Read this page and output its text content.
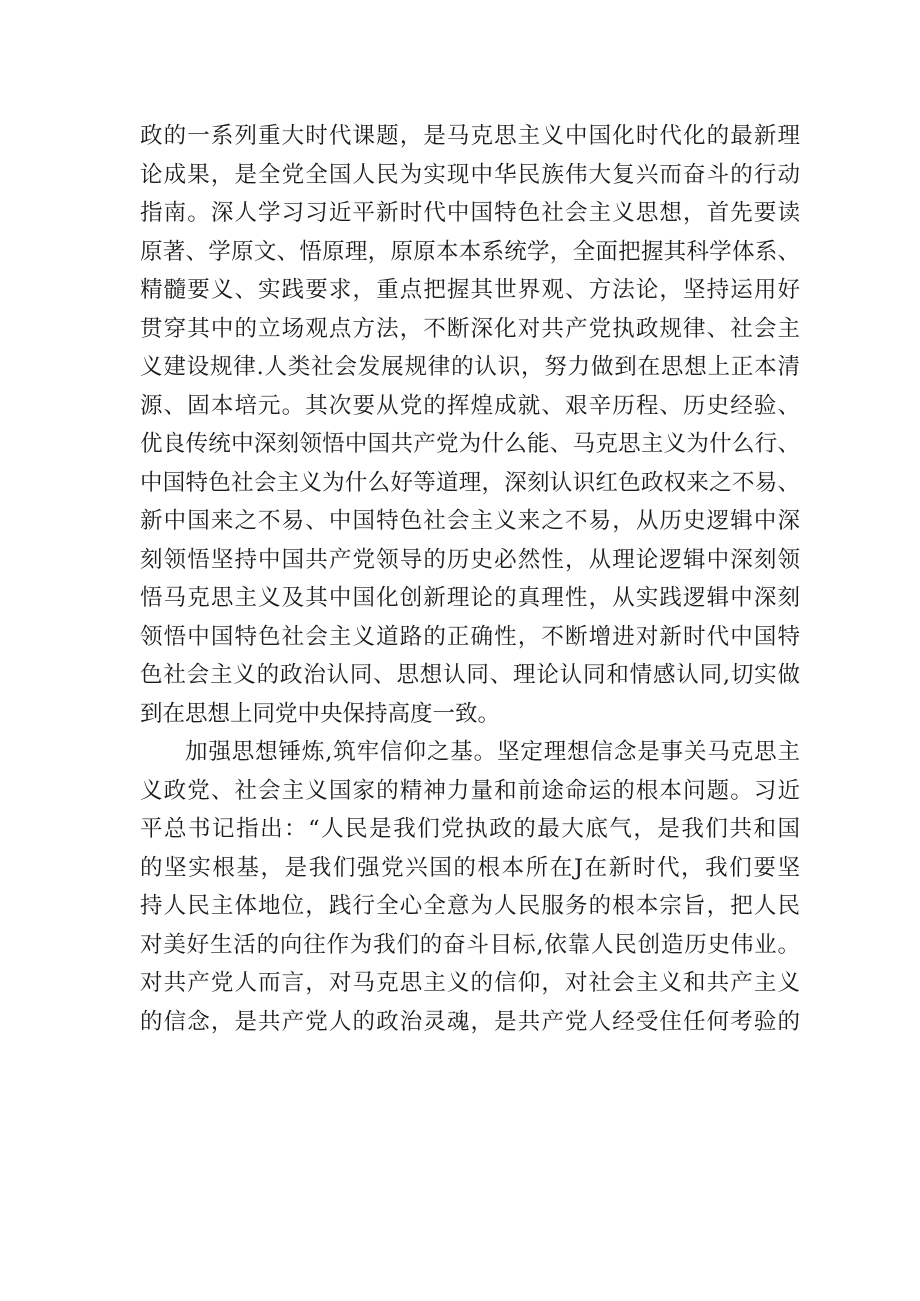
政的一系列重大时代课题，是马克思主义中国化时代化的最新理
论成果，是全党全国人民为实现中华民族伟大复兴而奋斗的行动
指南。深人学习习近平新时代中国特色社会主义思想，首先要读
原著、学原文、悟原理，原原本本系统学，全面把握其科学体系、
精髓要义、实践要求，重点把握其世界观、方法论，坚持运用好
贯穿其中的立场观点方法，不断深化对共产党执政规律、社会主
义建设规律.人类社会发展规律的认识，努力做到在思想上正本清
源、固本培元。其次要从党的挥煌成就、艰辛历程、历史经验、
优良传统中深刻领悟中国共产党为什么能、马克思主义为什么行、
中国特色社会主义为什么好等道理，深刻认识红色政权来之不易、
新中国来之不易、中国特色社会主义来之不易，从历史逻辑中深
刻领悟坚持中国共产党领导的历史必然性，从理论逻辑中深刻领
悟马克思主义及其中国化创新理论的真理性，从实践逻辑中深刻
领悟中国特色社会主义道路的正确性，不断增进对新时代中国特
色社会主义的政治认同、思想认同、理论认同和情感认同,切实做
到在思想上同党中央保持高度一致。
加强思想锤炼,筑牢信仰之基。坚定理想信念是事关马克思主
义政党、社会主义国家的精神力量和前途命运的根本问题。习近
平总书记指出：“人民是我们党执政的最大底气，是我们共和国
的坚实根基，是我们强党兴国的根本所在J在新时代，我们要坚
持人民主体地位，践行全心全意为人民服务的根本宗旨，把人民
对美好生活的向往作为我们的奋斗目标,依靠人民创造历史伟业。
对共产党人而言，对马克思主义的信仰，对社会主义和共产主义
的信念，是共产党人的政治灵魂，是共产党人经受住任何考验的
